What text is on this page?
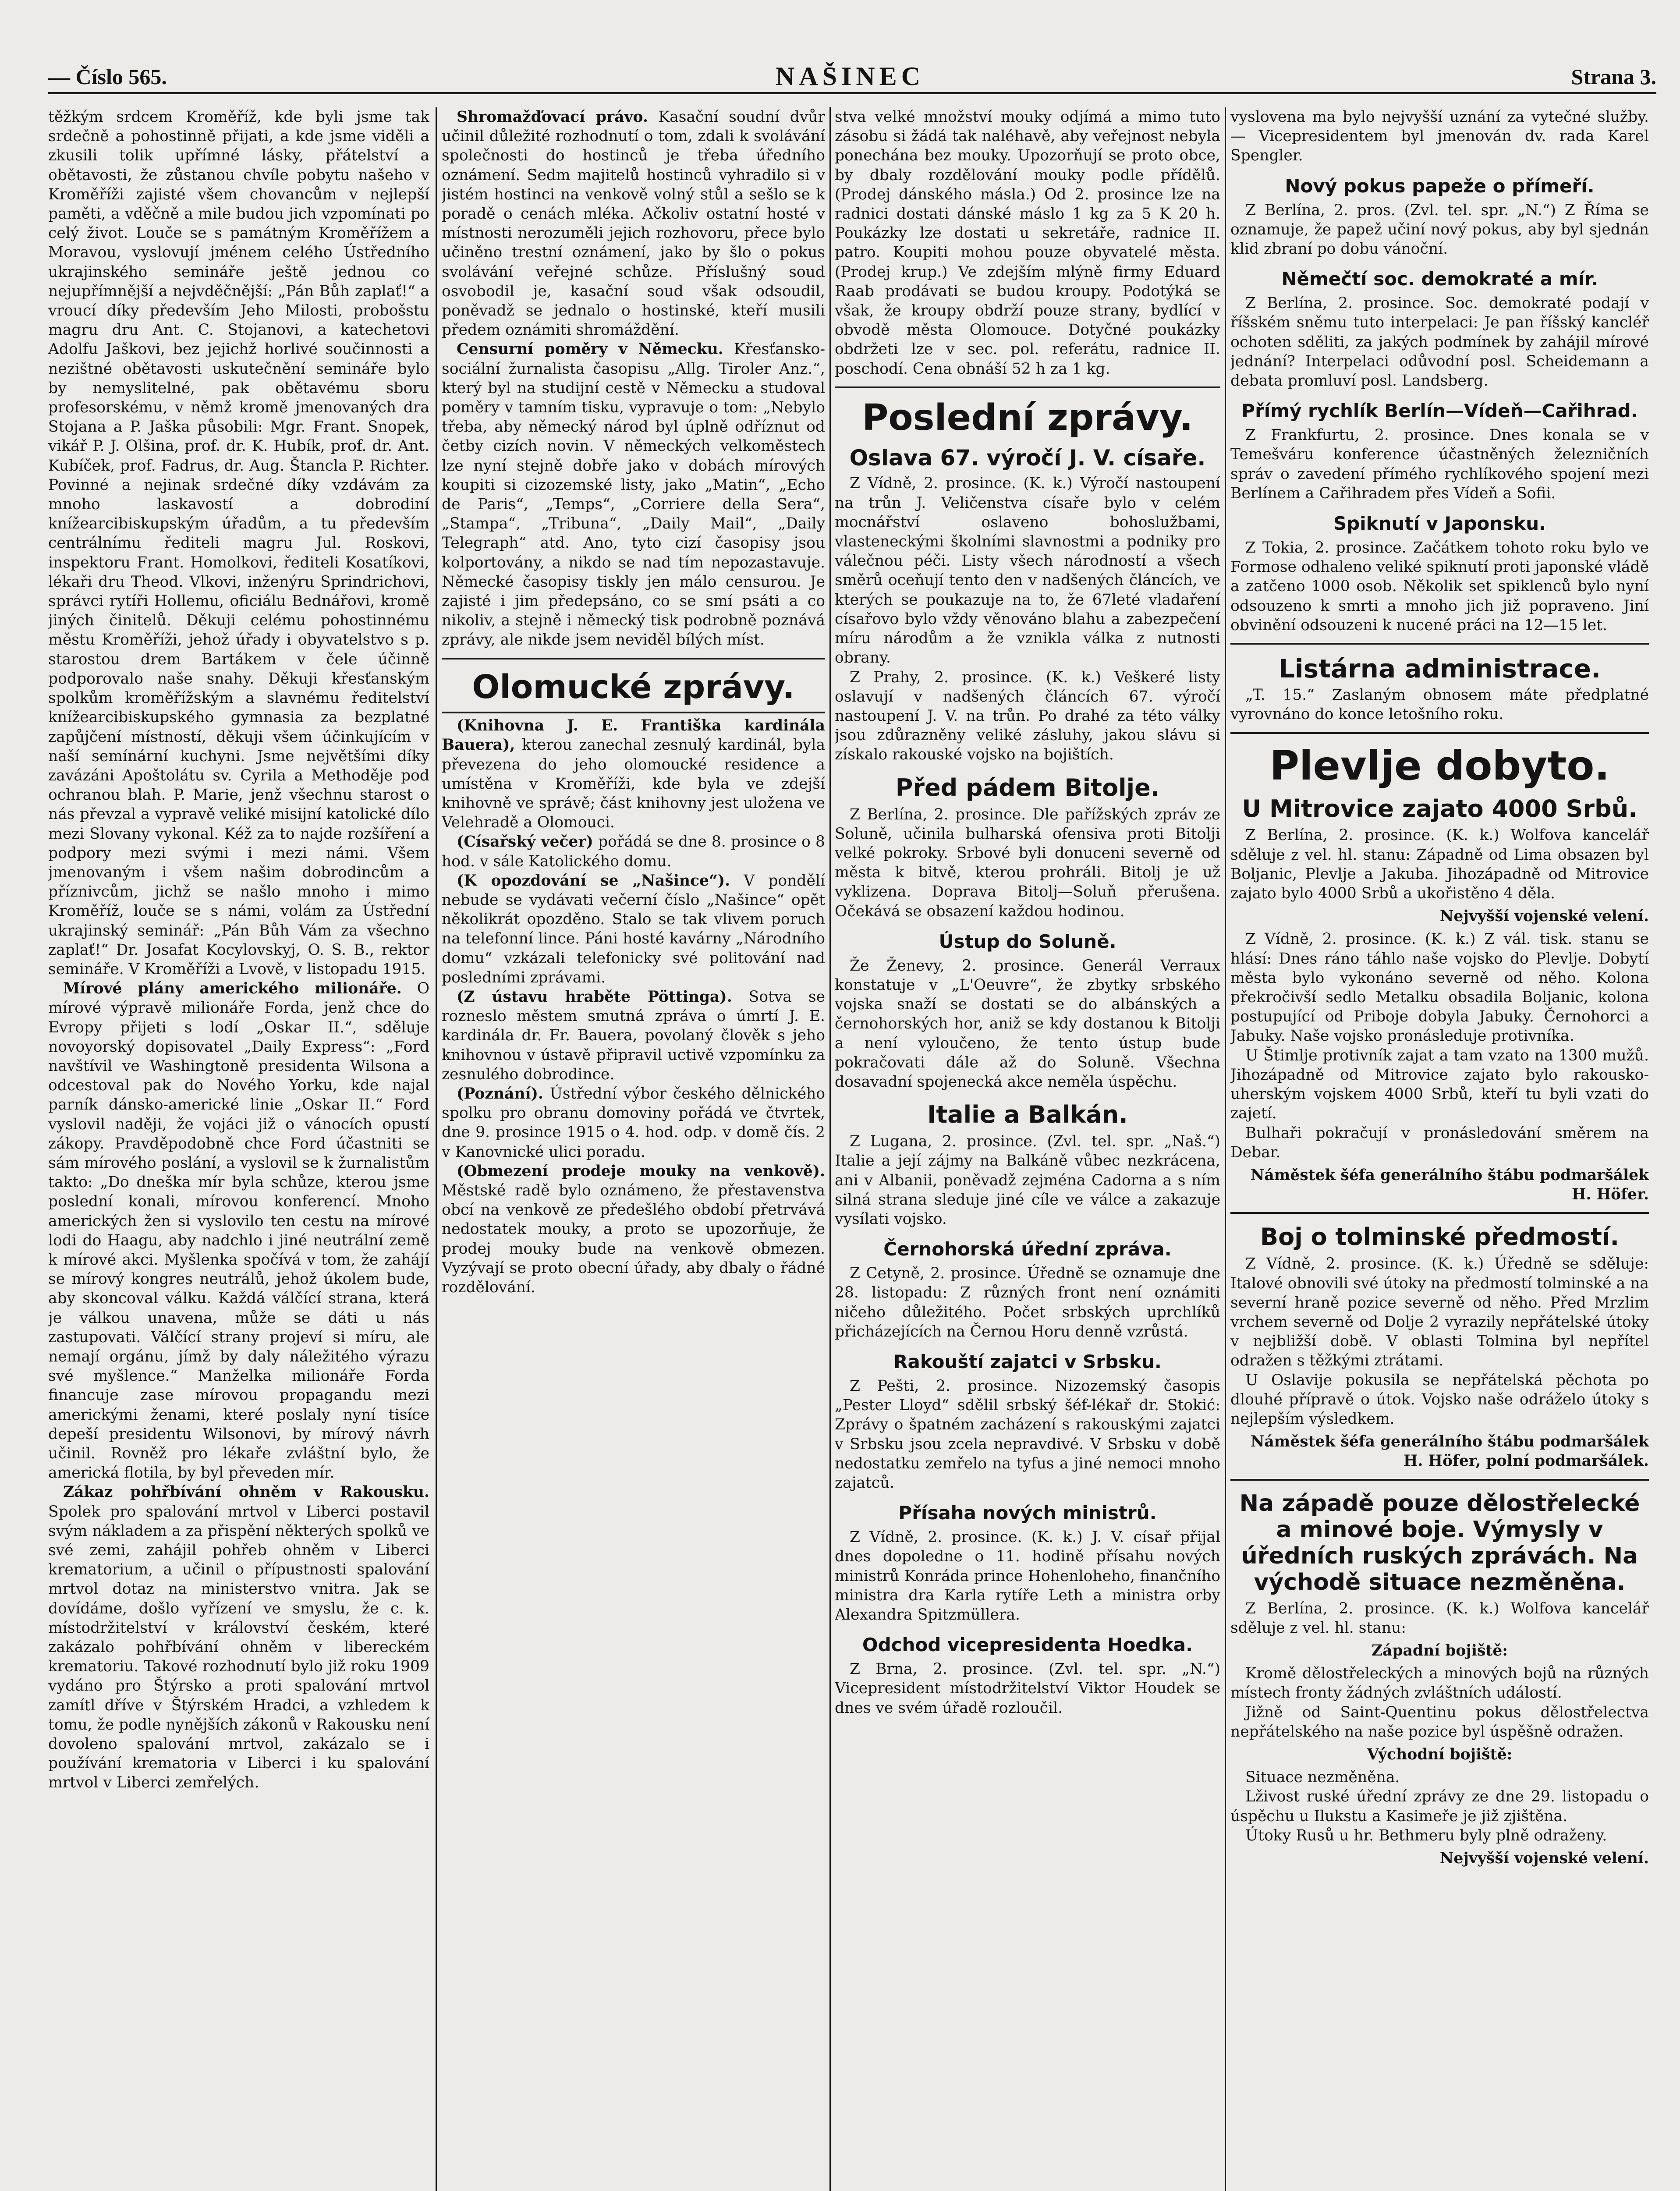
— Číslo 565.	NAŠINEC	Strana 3.

těžkým srdcem Kroměříž, kde byli jsme tak srdečně a pohostinně přijati, a kde jsme viděli a zkusili tolik upřímné lásky, přátelství a obětavosti, že zůstanou chvíle pobytu našeho v Kroměříži zajisté všem chovancům v nejlepší paměti, a vděčně a mile budou jich vzpomínati po celý život. Louče se s památným Kroměřížem a Moravou, vyslovují jménem celého Ústředního ukrajinského semináře ještě jednou co nejupřímnější a nejvděčnější: „Pán Bůh zaplať!“ a vroucí díky především Jeho Milosti, probošstu magru dru Ant. C. Stojanovi, a katechetovi Adolfu Jaškovi, bez jejichž horlivé součinnosti a nezištné obětavosti uskutečnění semináře bylo by nemyslitelné, pak obětavému sboru profesorskému, v němž kromě jmenovaných dra Stojana a P. Jaška působili: Mgr. Frant. Snopek, vikář P. J. Olšina, prof. dr. K. Hubík, prof. dr. Ant. Kubíček, prof. Fadrus, dr. Aug. Štancla P. Richter. Povinné a nejinak srdečné díky vzdávám za mnoho laskavostí a dobrodiní knížearcibiskupským úřadům, a tu především centrálnímu řediteli magru Jul. Roskovi, inspektoru Frant. Homolkovi, řediteli Kosatíkovi, lékaři dru Theod. Vlkovi, inženýru Sprindrichovi, správci rytíři Hollemu, oficiálu Bednářovi, kromě jiných činitelů. Děkuji celému pohostinnému městu Kroměříži, jehož úřady i obyvatelstvo s p. starostou drem Bartákem v čele účinně podporovalo naše snahy. Děkuji křesťanským spolkům kroměřížským a slavnému ředitelství knížearcibiskupského gymnasia za bezplatné zapůjčení místností, děkuji všem účinkujícím v naší semínární kuchyni. Jsme největšími díky zavázáni Apoštolátu sv. Cyrila a Methoděje pod ochranou blah. P. Marie, jenž všechnu starost o nás převzal a vypravě veliké misijní katolické dílo mezi Slovany vykonal. Kéž za to najde rozšíření a podpory mezi svými i mezi námi. Všem jmenovaným i všem našim dobrodincům a příznivcům, jichž se našlo mnoho i mimo Kroměříž, louče se s námi, volám za Ústřední ukrajinský seminář: „Pán Bůh Vám za všechno zaplať!“ Dr. Josafat Kocylovskyj, O. S. B., rektor semináře. V Kroměříži a Lvově, v listopadu 1915.

Mírové plány amerického milionáře. O mírové výpravě milionáře Forda, jenž chce do Evropy přijeti s lodí „Oskar II.“, sděluje novoyorský dopisovatel „Daily Express“: „Ford navštívil ve Washingtoně presidenta Wilsona a odcestoval pak do Nového Yorku, kde najal parník dánsko-americké linie „Oskar II.“ Ford vyslovil naději, že vojáci již o vánocích opustí zákopy. Pravděpodobně chce Ford účastniti se sám mírového poslání, a vyslovil se k žurnalistům takto: „Do dneška mír byla schůze, kterou jsme poslední konali, mírovou konferencí. Mnoho amerických žen si vyslovilo ten cestu na mírové lodi do Haagu, aby nadchlo i jiné neutrální země k mírové akci. Myšlenka spočívá v tom, že zahájí se mírový kongres neutrálů, jehož úkolem bude, aby skoncoval válku. Každá válčící strana, která je válkou unavena, může se dáti u nás zastupovati. Válčící strany projeví si míru, ale nemají orgánu, jímž by daly náležitého výrazu své myšlence.“ Manželka milionáře Forda financuje zase mírovou propagandu mezi americkými ženami, které poslaly nyní tisíce depeší presidentu Wilsonovi, by mírový návrh učinil. Rovněž pro lékaře zvláštní bylo, že americká flotila, by byl převeden mír.

Zákaz pohřbívání ohněm v Rakousku. Spolek pro spalování mrtvol v Liberci postavil svým nákladem a za přispění některých spolků ve své zemi, zahájil pohřeb ohněm v Liberci krematorium, a učinil o přípustnosti spalování mrtvol dotaz na ministerstvo vnitra. Jak se dovídáme, došlo vyřízení ve smyslu, že c. k. místodržitelství v království českém, které zakázalo pohřbívání ohněm v libereckém krematoriu. Takové rozhodnutí bylo již roku 1909 vydáno pro Štýrsko a proti spalování mrtvol zamítl dříve v Štýrském Hradci, a vzhledem k tomu, že podle nynějších zákonů v Rakousku není dovoleno spalování mrtvol, zakázalo se i používání krematoria v Liberci i ku spalování mrtvol v Liberci zemřelých.

Shromažďovací právo. Kasační soudní dvůr učinil důležité rozhodnutí o tom, zdali k svolávání společnosti do hostinců je třeba úředního oznámení. Sedm majitelů hostinců vyhradilo si v jistém hostinci na venkově volný stůl a sešlo se k poradě o cenách mléka. Ačkoliv ostatní hosté v místnosti nerozuměli jejich rozhovoru, přece bylo učiněno trestní oznámení, jako by šlo o pokus svolávání veřejné schůze. Příslušný soud osvobodil je, kasační soud však odsoudil, poněvadž se jednalo o hostinské, kteří musili předem oznámiti shromáždění.

Censurní poměry v Německu. Křesťansko-sociální žurnalista časopisu „Allg. Tiroler Anz.“, který byl na studijní cestě v Německu a studoval poměry v tamním tisku, vypravuje o tom: „Nebylo třeba, aby německý národ byl úplně odříznut od četby cizích novin. V německých velkoměstech lze nyní stejně dobře jako v dobách mírových koupiti si cizozemské listy, jako „Matin“, „Echo de Paris“, „Temps“, „Corriere della Sera“, „Stampa“, „Tribuna“, „Daily Mail“, „Daily Telegraph“ atd. Ano, tyto cizí časopisy jsou kolportovány, a nikdo se nad tím nepozastavuje. Německé časopisy tiskly jen málo censurou. Je zajisté i jim předepsáno, co se smí psáti a co nikoliv, a stejně i německý tisk podrobně poznává zprávy, ale nikde jsem neviděl bílých míst.

Olomucké zprávy.

(Knihovna J. E. Františka kardinála Bauera), kterou zanechal zesnulý kardinál, byla převezena do jeho olomoucké residence a umístěna v Kroměříži, kde byla ve zdejší knihovně ve správě; část knihovny jest uložena ve Velehradě a Olomouci.

(Císařský večer) pořádá se dne 8. prosince o 8 hod. v sále Katolického domu.

(K opozdování se „Našince“). V pondělí nebude se vydávati večerní číslo „Našince“ opět několikrát opozděno. Stalo se tak vlivem poruch na telefonní lince. Páni hosté kavárny „Národního domu“ vzkázali telefonicky své politování nad posledními zprávami.

(Z ústavu hraběte Pöttinga). Sotva se rozneslo městem smutná zpráva o úmrtí J. E. kardinála dr. Fr. Bauera, povolaný člověk s jeho knihovnou v ústavě připravil uctivě vzpomínku za zesnulého dobrodince.

(Poznání). Ústřední výbor českého dělnického spolku pro obranu domoviny pořádá ve čtvrtek, dne 9. prosince 1915 o 4. hod. odp. v domě čís. 2 v Kanovnické ulici poradu.

(Obmezení prodeje mouky na venkově). Městské radě bylo oznámeno, že přestavenstva obcí na venkově ze předešlého období přetrvává nedostatek mouky, a proto se upozorňuje, že prodej mouky bude na venkově obmezen. Vyzývají se proto obecní úřady, aby dbaly o řádné rozdělování.

stva velké množství mouky odjímá a mimo tuto zásobu si žádá tak naléhavě, aby veřejnost nebyla ponechána bez mouky. Upozorňují se proto obce, by dbaly rozdělování mouky podle přídělů. (Prodej dánského másla.) Od 2. prosince lze na radnici dostati dánské máslo 1 kg za 5 K 20 h. Poukázky lze dostati u sekretáře, radnice II. patro. Koupiti mohou pouze obyvatelé města. (Prodej krup.) Ve zdejším mlýně firmy Eduard Raab prodávati se budou kroupy. Podotýká se však, že kroupy obdrží pouze strany, bydlící v obvodě města Olomouce. Dotyčné poukázky obdržeti lze v sec. pol. referátu, radnice II. poschodí. Cena obnáší 52 h za 1 kg.

Poslední zprávy.
Oslava 67. výročí J. V. císaře.

Z Vídně, 2. prosince. (K. k.) Výročí nastoupení na trůn J. Veličenstva císaře bylo v celém mocnářství oslaveno bohoslužbami, vlasteneckými školními slavnostmi a podniky pro válečnou péči. Listy všech národností a všech směrů oceňují tento den v nadšených článcích, ve kterých se poukazuje na to, že 67leté vladaření císařovo bylo vždy věnováno blahu a zabezpečení míru národům a že vznikla válka z nutnosti obrany.

Z Prahy, 2. prosince. (K. k.) Veškeré listy oslavují v nadšených článcích 67. výročí nastoupení J. V. na trůn. Po drahé za této války jsou zdůrazněny veliké zásluhy, jakou slávu si získalo rakouské vojsko na bojištích.

Před pádem Bitolje.

Z Berlína, 2. prosince. Dle pařížských zpráv ze Soluně, učinila bulharská ofensiva proti Bitolji velké pokroky. Srbové byli donuceni severně od města k bitvě, kterou prohráli. Bitolj je už vyklizena. Doprava Bitolj—Soluň přerušena. Očekává se obsazení každou hodinou.

Ústup do Soluně.

Že Ženevy, 2. prosince. Generál Verraux konstatuje v „L'Oeuvre“, že zbytky srbského vojska snaží se dostati se do albánských a černohorských hor, aniž se kdy dostanou k Bitolji a není vyloučeno, že tento ústup bude pokračovati dále až do Soluně. Všechna dosavadní spojenecká akce neměla úspěchu.

Italie a Balkán.

Z Lugana, 2. prosince. (Zvl. tel. spr. „Naš.“) Italie a její zájmy na Balkáně vůbec nezkrácena, ani v Albanii, poněvadž zejména Cadorna a s ním silná strana sleduje jiné cíle ve válce a zakazuje vysílati vojsko.

Černohorská úřední zpráva.

Z Cetyně, 2. prosince. Úředně se oznamuje dne 28. listopadu: Z různých front není oznámiti ničeho důležitého. Počet srbských uprchlíků přicházejících na Černou Horu denně vzrůstá.

Rakouští zajatci v Srbsku.

Z Pešti, 2. prosince. Nizozemský časopis „Pester Lloyd“ sdělil srbský šéf-lékař dr. Stokić: Zprávy o špatném zacházení s rakouskými zajatci v Srbsku jsou zcela nepravdivé. V Srbsku v době nedostatku zemřelo na tyfus a jiné nemoci mnoho zajatců.

Přísaha nových ministrů.

Z Vídně, 2. prosince. (K. k.) J. V. císař přijal dnes dopoledne o 11. hodině přísahu nových ministrů Konráda prince Hohenloheho, finančního ministra dra Karla rytíře Leth a ministra orby Alexandra Spitzmüllera.

Odchod vicepresidenta Hoedka.

Z Brna, 2. prosince. (Zvl. tel. spr. „N.“) Vicepresident místodržitelství Viktor Houdek se dnes ve svém úřadě rozloučil.

vyslovena ma bylo nejvyšší uznání za vytečné služby. — Vicepresidentem byl jmenován dv. rada Karel Spengler.

Nový pokus papeže o přímeří.

Z Berlína, 2. pros. (Zvl. tel. spr. „N.“) Z Říma se oznamuje, že papež učiní nový pokus, aby byl sjednán klid zbraní po dobu vánoční.

Němečtí soc. demokraté a mír.

Z Berlína, 2. prosince. Soc. demokraté podají v říšském sněmu tuto interpelaci: Je pan říšský kancléř ochoten sděliti, za jakých podmínek by zahájil mírové jednání? Interpelaci odůvodní posl. Scheidemann a debata promluví posl. Landsberg.

Přímý rychlík Berlín—Vídeň—Cařihrad.

Z Frankfurtu, 2. prosince. Dnes konala se v Temešváru konference účastněných železničních správ o zavedení přímého rychlíkového spojení mezi Berlínem a Cařihradem přes Vídeň a Sofii.

Spiknutí v Japonsku.

Z Tokia, 2. prosince. Začátkem tohoto roku bylo ve Formose odhaleno veliké spiknutí proti japonské vládě a zatčeno 1000 osob. Několik set spiklenců bylo nyní odsouzeno k smrti a mnoho jich již popraveno. Jiní obvinění odsouzeni k nucené práci na 12—15 let.

Listárna administrace.

„T. 15.“ Zaslaným obnosem máte předplatné vyrovnáno do konce letošního roku.

Plevlje dobyto.
U Mitrovice zajato 4000 Srbů.

Z Berlína, 2. prosince. (K. k.) Wolfova kancelář sděluje z vel. hl. stanu: Západně od Lima obsazen byl Boljanic, Plevlje a Jakuba. Jihozápadně od Mitrovice zajato bylo 4000 Srbů a ukořistěno 4 děla.

Nejvyšší vojenské velení.

Z Vídně, 2. prosince. (K. k.) Z vál. tisk. stanu se hlásí: Dnes ráno táhlo naše vojsko do Plevlje. Dobytí města bylo vykonáno severně od něho. Kolona překročivší sedlo Metalku obsadila Boljanic, kolona postupující od Priboje dobyla Jabuky. Černohorci a Jabuky. Naše vojsko pronásleduje protivníka.

U Štimlje protivník zajat a tam vzato na 1300 mužů. Jihozápadně od Mitrovice zajato bylo rakousko-uherským vojskem 4000 Srbů, kteří tu byli vzati do zajetí.

Bulhaři pokračují v pronásledování směrem na Debar.

Náměstek šéfa generálního štábu podmaršálek H. Höfer.
Boj o tolminské předmostí.

Z Vídně, 2. prosince. (K. k.) Úředně se sděluje: Italové obnovili své útoky na předmostí tolminské a na severní hraně pozice severně od něho. Před Mrzlim vrchem severně od Dolje 2 vyrazily nepřátelské útoky v nejbližší době. V oblasti Tolmina byl nepřítel odražen s těžkými ztrátami.

U Oslavije pokusila se nepřátelská pěchota po dlouhé přípravě o útok. Vojsko naše odráželo útoky s nejlepším výsledkem.

Náměstek šéfa generálního štábu podmaršálek H. Höfer, polní podmaršálek.
Na západě pouze dělostřelecké a minové boje. Výmysly v úředních ruských zprávách. Na východě situace nezměněna.

Z Berlína, 2. prosince. (K. k.) Wolfova kancelář sděluje z vel. hl. stanu:

Západní bojiště:

Kromě dělostřeleckých a minových bojů na různých místech fronty žádných zvláštních událostí.

Jižně od Saint-Quentinu pokus dělostřelectva nepřátelského na naše pozice byl úspěšně odražen.

Východní bojiště:

Situace nezměněna.

Lživost ruské úřední zprávy ze dne 29. listopadu o úspěchu u Ilukstu a Kasimeře je již zjištěna.

Útoky Rusů u hr. Bethmeru byly plně odraženy.

Nejvyšší vojenské velení.
